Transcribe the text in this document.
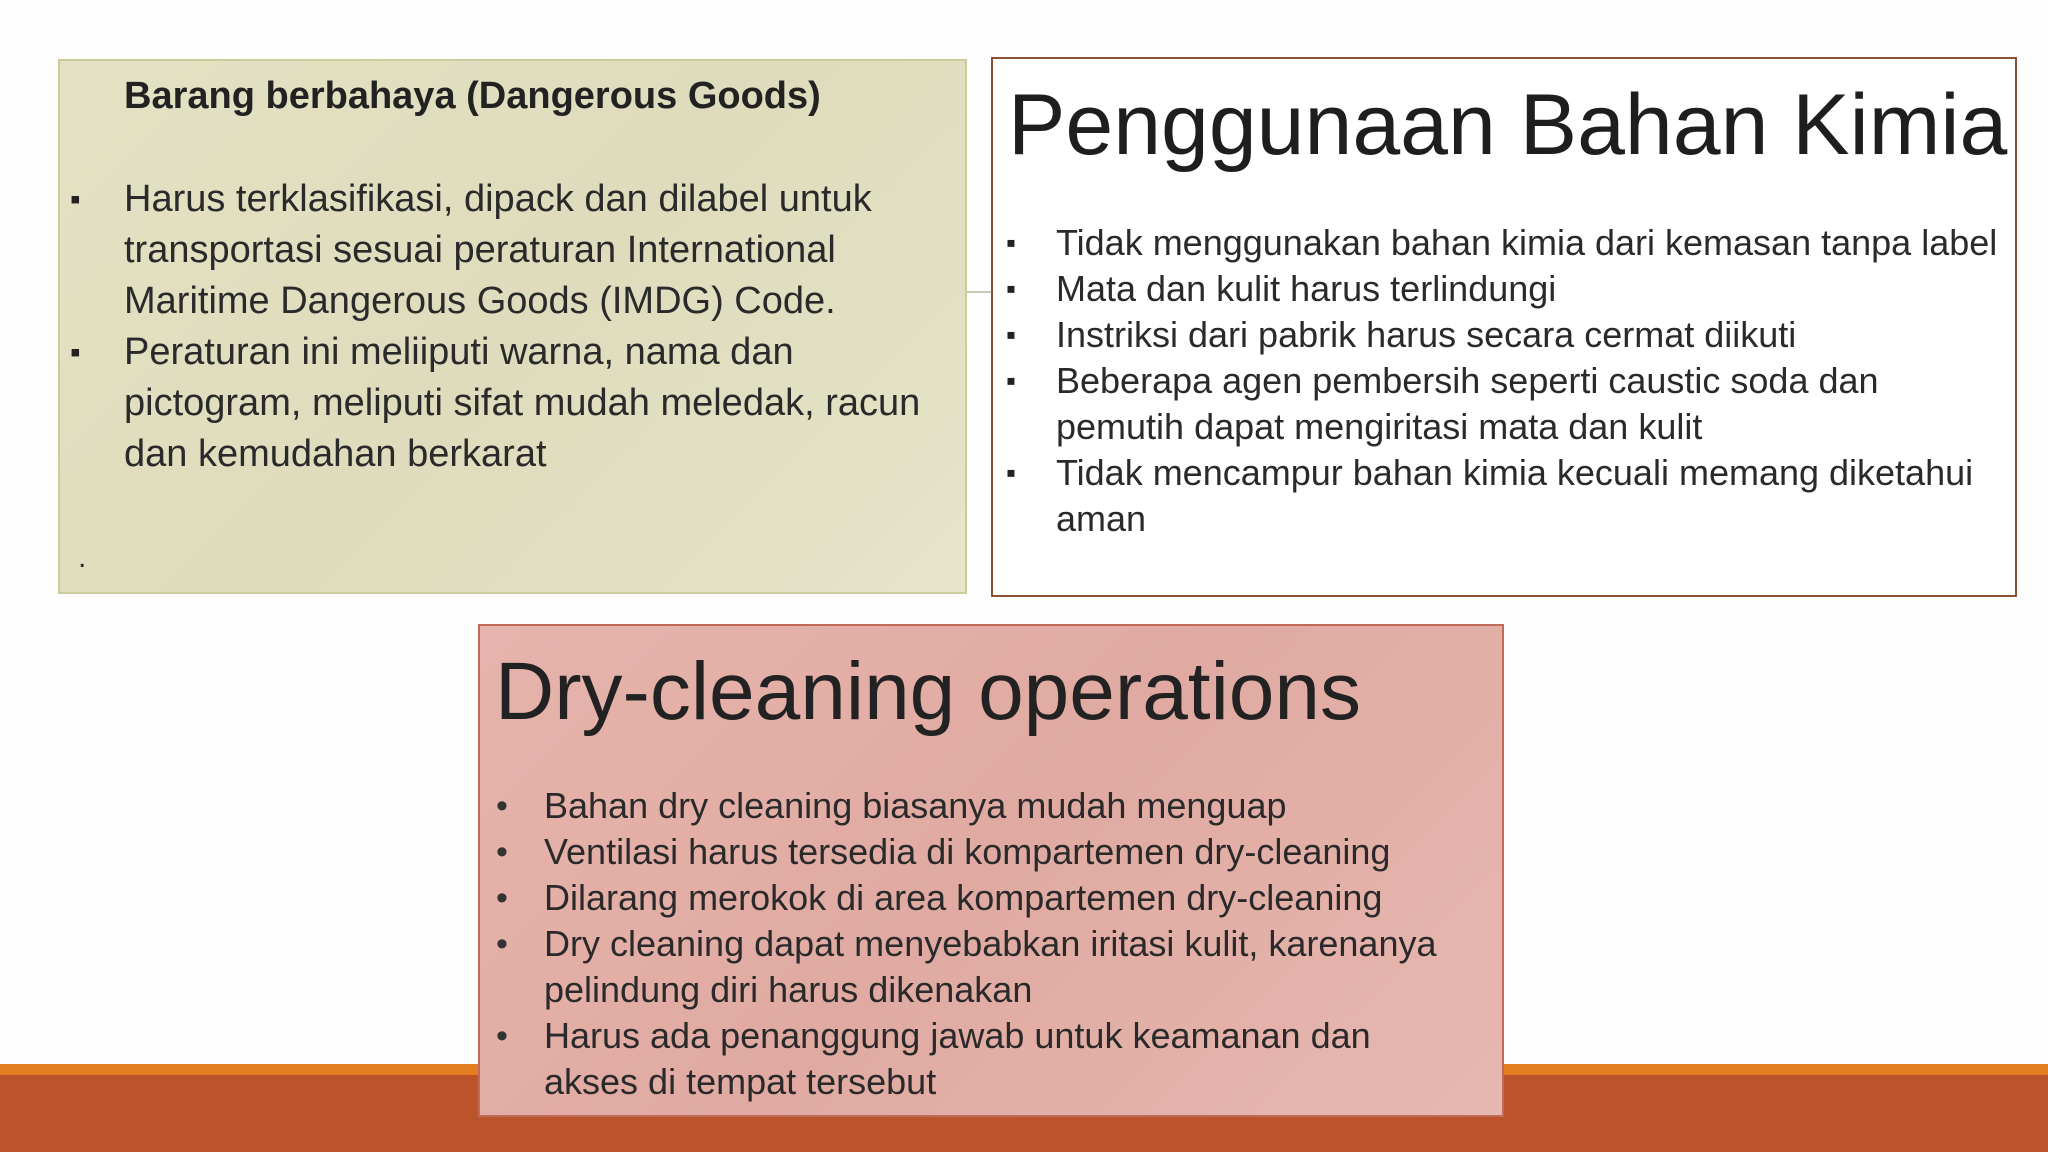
Barang berbahaya (Dangerous Goods)
▪ Harus terklasifikasi, dipack dan dilabel untuk transportasi sesuai peraturan International Maritime Dangerous Goods (IMDG) Code.
▪ Peraturan ini meliiputi warna, nama dan pictogram, meliputi sifat mudah meledak, racun dan kemudahan berkarat
.
Penggunaan Bahan Kimia
▪ Tidak menggunakan bahan kimia dari kemasan tanpa label
▪ Mata dan kulit harus terlindungi
▪ Instriksi dari pabrik harus secara cermat diikuti
▪ Beberapa agen pembersih seperti caustic soda dan pemutih dapat mengiritasi mata dan kulit
▪ Tidak mencampur bahan kimia kecuali memang diketahui aman
Dry-cleaning operations
• Bahan dry cleaning biasanya mudah menguap
• Ventilasi harus tersedia di kompartemen dry-cleaning
• Dilarang merokok di area kompartemen dry-cleaning
• Dry cleaning dapat menyebabkan iritasi kulit, karenanya pelindung diri harus dikenakan
• Harus ada penanggung jawab untuk keamanan dan akses di tempat tersebut
